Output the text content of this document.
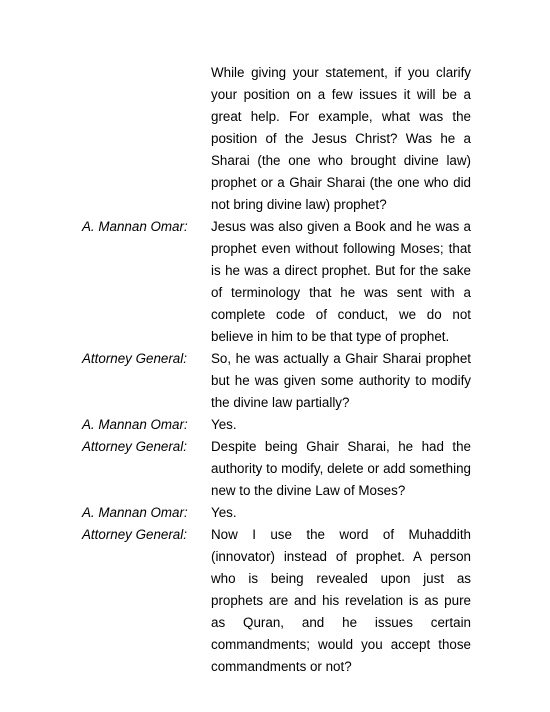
While giving your statement, if you clarify your position on a few issues it will be a great help. For example, what was the position of the Jesus Christ? Was he a Sharai (the one who brought divine law) prophet or a Ghair Sharai (the one who did not bring divine law) prophet?
A. Mannan Omar:	Jesus was also given a Book and he was a prophet even without following Moses; that is he was a direct prophet. But for the sake of terminology that he was sent with a complete code of conduct, we do not believe in him to be that type of prophet.
Attorney General:	So, he was actually a Ghair Sharai prophet but he was given some authority to modify the divine law partially?
A. Mannan Omar:	Yes.
Attorney General:	Despite being Ghair Sharai, he had the authority to modify, delete or add something new to the divine Law of Moses?
A. Mannan Omar:	Yes.
Attorney General:	Now I use the word of Muhaddith (innovator) instead of prophet. A person who is being revealed upon just as prophets are and his revelation is as pure as Quran, and he issues certain commandments; would you accept those commandments or not?
